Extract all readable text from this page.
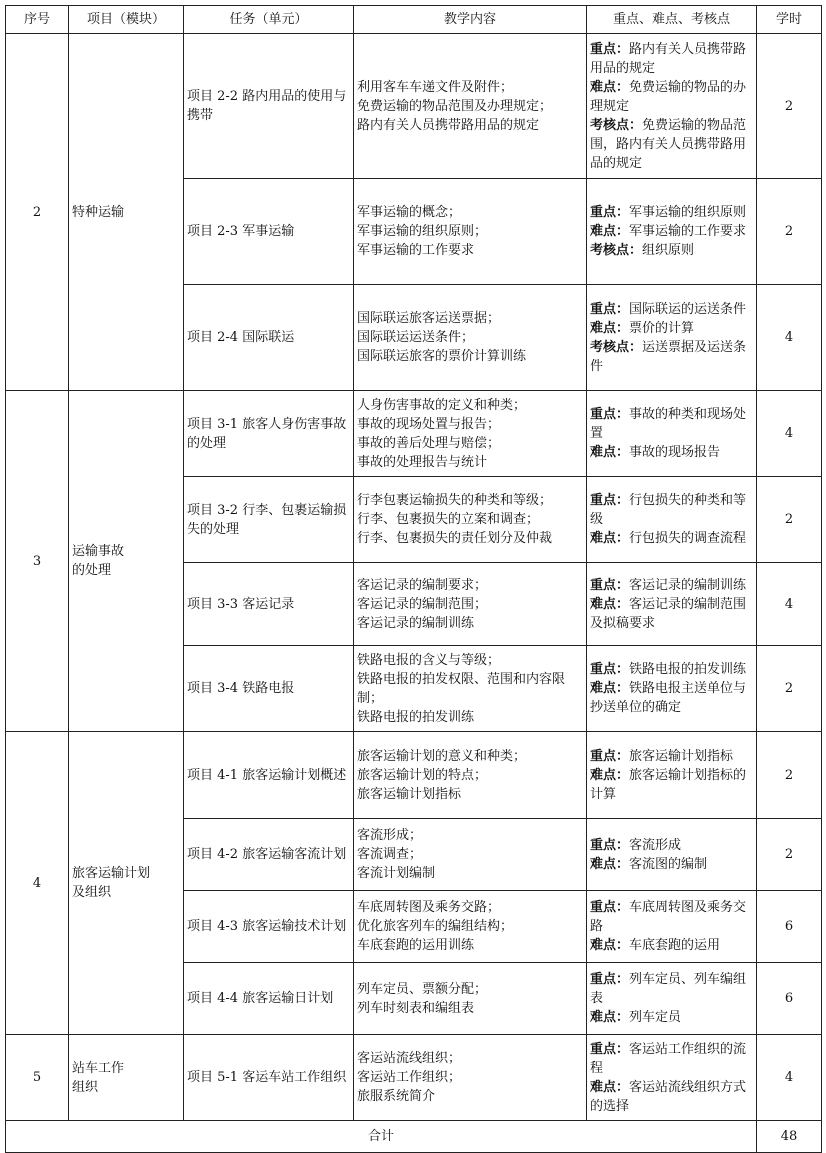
序号	项目（模块）	任务（单元）	教学内容	重点、难点、考核点	学时
2	特种运输	项目 2-2 路内用品的使用与携带	利用客车车递文件及附件；
免费运输的物品范围及办理规定；
路内有关人员携带路用品的规定	重点：路内有关人员携带路用品的规定
难点：免费运输的物品的办理规定
考核点：免费运输的物品范围，路内有关人员携带路用品的规定	2
		项目 2-3 军事运输	军事运输的概念；
军事运输的组织原则；
军事运输的工作要求	重点：军事运输的组织原则
难点：军事运输的工作要求
考核点：组织原则	2
		项目 2-4 国际联运	国际联运旅客运送票据；
国际联运运送条件；
国际联运旅客的票价计算训练	重点：国际联运的运送条件
难点：票价的计算
考核点：运送票据及运送条件	4
3	运输事故
的处理	项目 3-1 旅客人身伤害事故的处理	人身伤害事故的定义和种类；
事故的现场处置与报告；
事故的善后处理与赔偿；
事故的处理报告与统计	重点：事故的种类和现场处置
难点：事故的现场报告	4
		项目 3-2 行李、包裹运输损失的处理	行李包裹运输损失的种类和等级；
行李、包裹损失的立案和调查；
行李、包裹损失的责任划分及仲裁	重点：行包损失的种类和等级
难点：行包损失的调查流程	2
		项目 3-3 客运记录	客运记录的编制要求；
客运记录的编制范围；
客运记录的编制训练	重点：客运记录的编制训练
难点：客运记录的编制范围及拟稿要求	4
		项目 3-4 铁路电报	铁路电报的含义与等级；
铁路电报的拍发权限、范围和内容限制；
铁路电报的拍发训练	重点：铁路电报的拍发训练
难点：铁路电报主送单位与抄送单位的确定	2
4	旅客运输计划
及组织	项目 4-1 旅客运输计划概述	旅客运输计划的意义和种类；
旅客运输计划的特点；
旅客运输计划指标	重点：旅客运输计划指标
难点：旅客运输计划指标的计算	2
		项目 4-2 旅客运输客流计划	客流形成；
客流调查；
客流计划编制	重点：客流形成
难点：客流图的编制	2
		项目 4-3 旅客运输技术计划	车底周转图及乘务交路；
优化旅客列车的编组结构；
车底套跑的运用训练	重点：车底周转图及乘务交路
难点：车底套跑的运用	6
		项目 4-4 旅客运输日计划	列车定员、票额分配；
列车时刻表和编组表	重点：列车定员、列车编组表
难点：列车定员	6
5	站车工作
组织	项目 5-1 客运车站工作组织	客运站流线组织；
客运站工作组织；
旅服系统简介	重点：客运站工作组织的流程
难点：客运站流线组织方式的选择	4
合计					48
